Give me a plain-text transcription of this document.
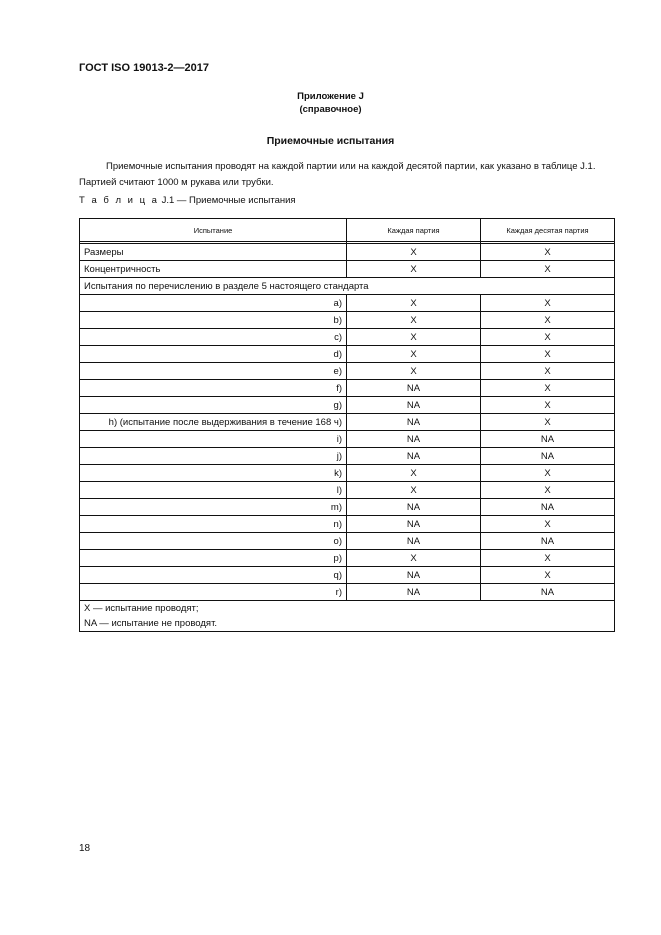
ГОСТ ISO 19013-2—2017
Приложение J
(справочное)
Приемочные испытания
Приемочные испытания проводят на каждой партии или на каждой десятой партии, как указано в таблице J.1.
Партией считают 1000 м рукава или трубки.
Т а б л и ц а J.1 — Приемочные испытания
Испытание	Каждая партия	Каждая десятая партия

Размеры	X	X
Концентричность	X	X
Испытания по перечислению в разделе 5 настоящего стандарта		
a)	X	X
b)	X	X
c)	X	X
d)	X	X
e)	X	X
f)	NA	X
g)	NA	X
h) (испытание после выдерживания в течение 168 ч)	NA	X
i)	NA	NA
j)	NA	NA
k)	X	X
l)	X	X
m)	NA	NA
n)	NA	X
o)	NA	NA
p)	X	X
q)	NA	X
r)	NA	NA

X — испытание проводят;
NA — испытание не проводят.		
18
